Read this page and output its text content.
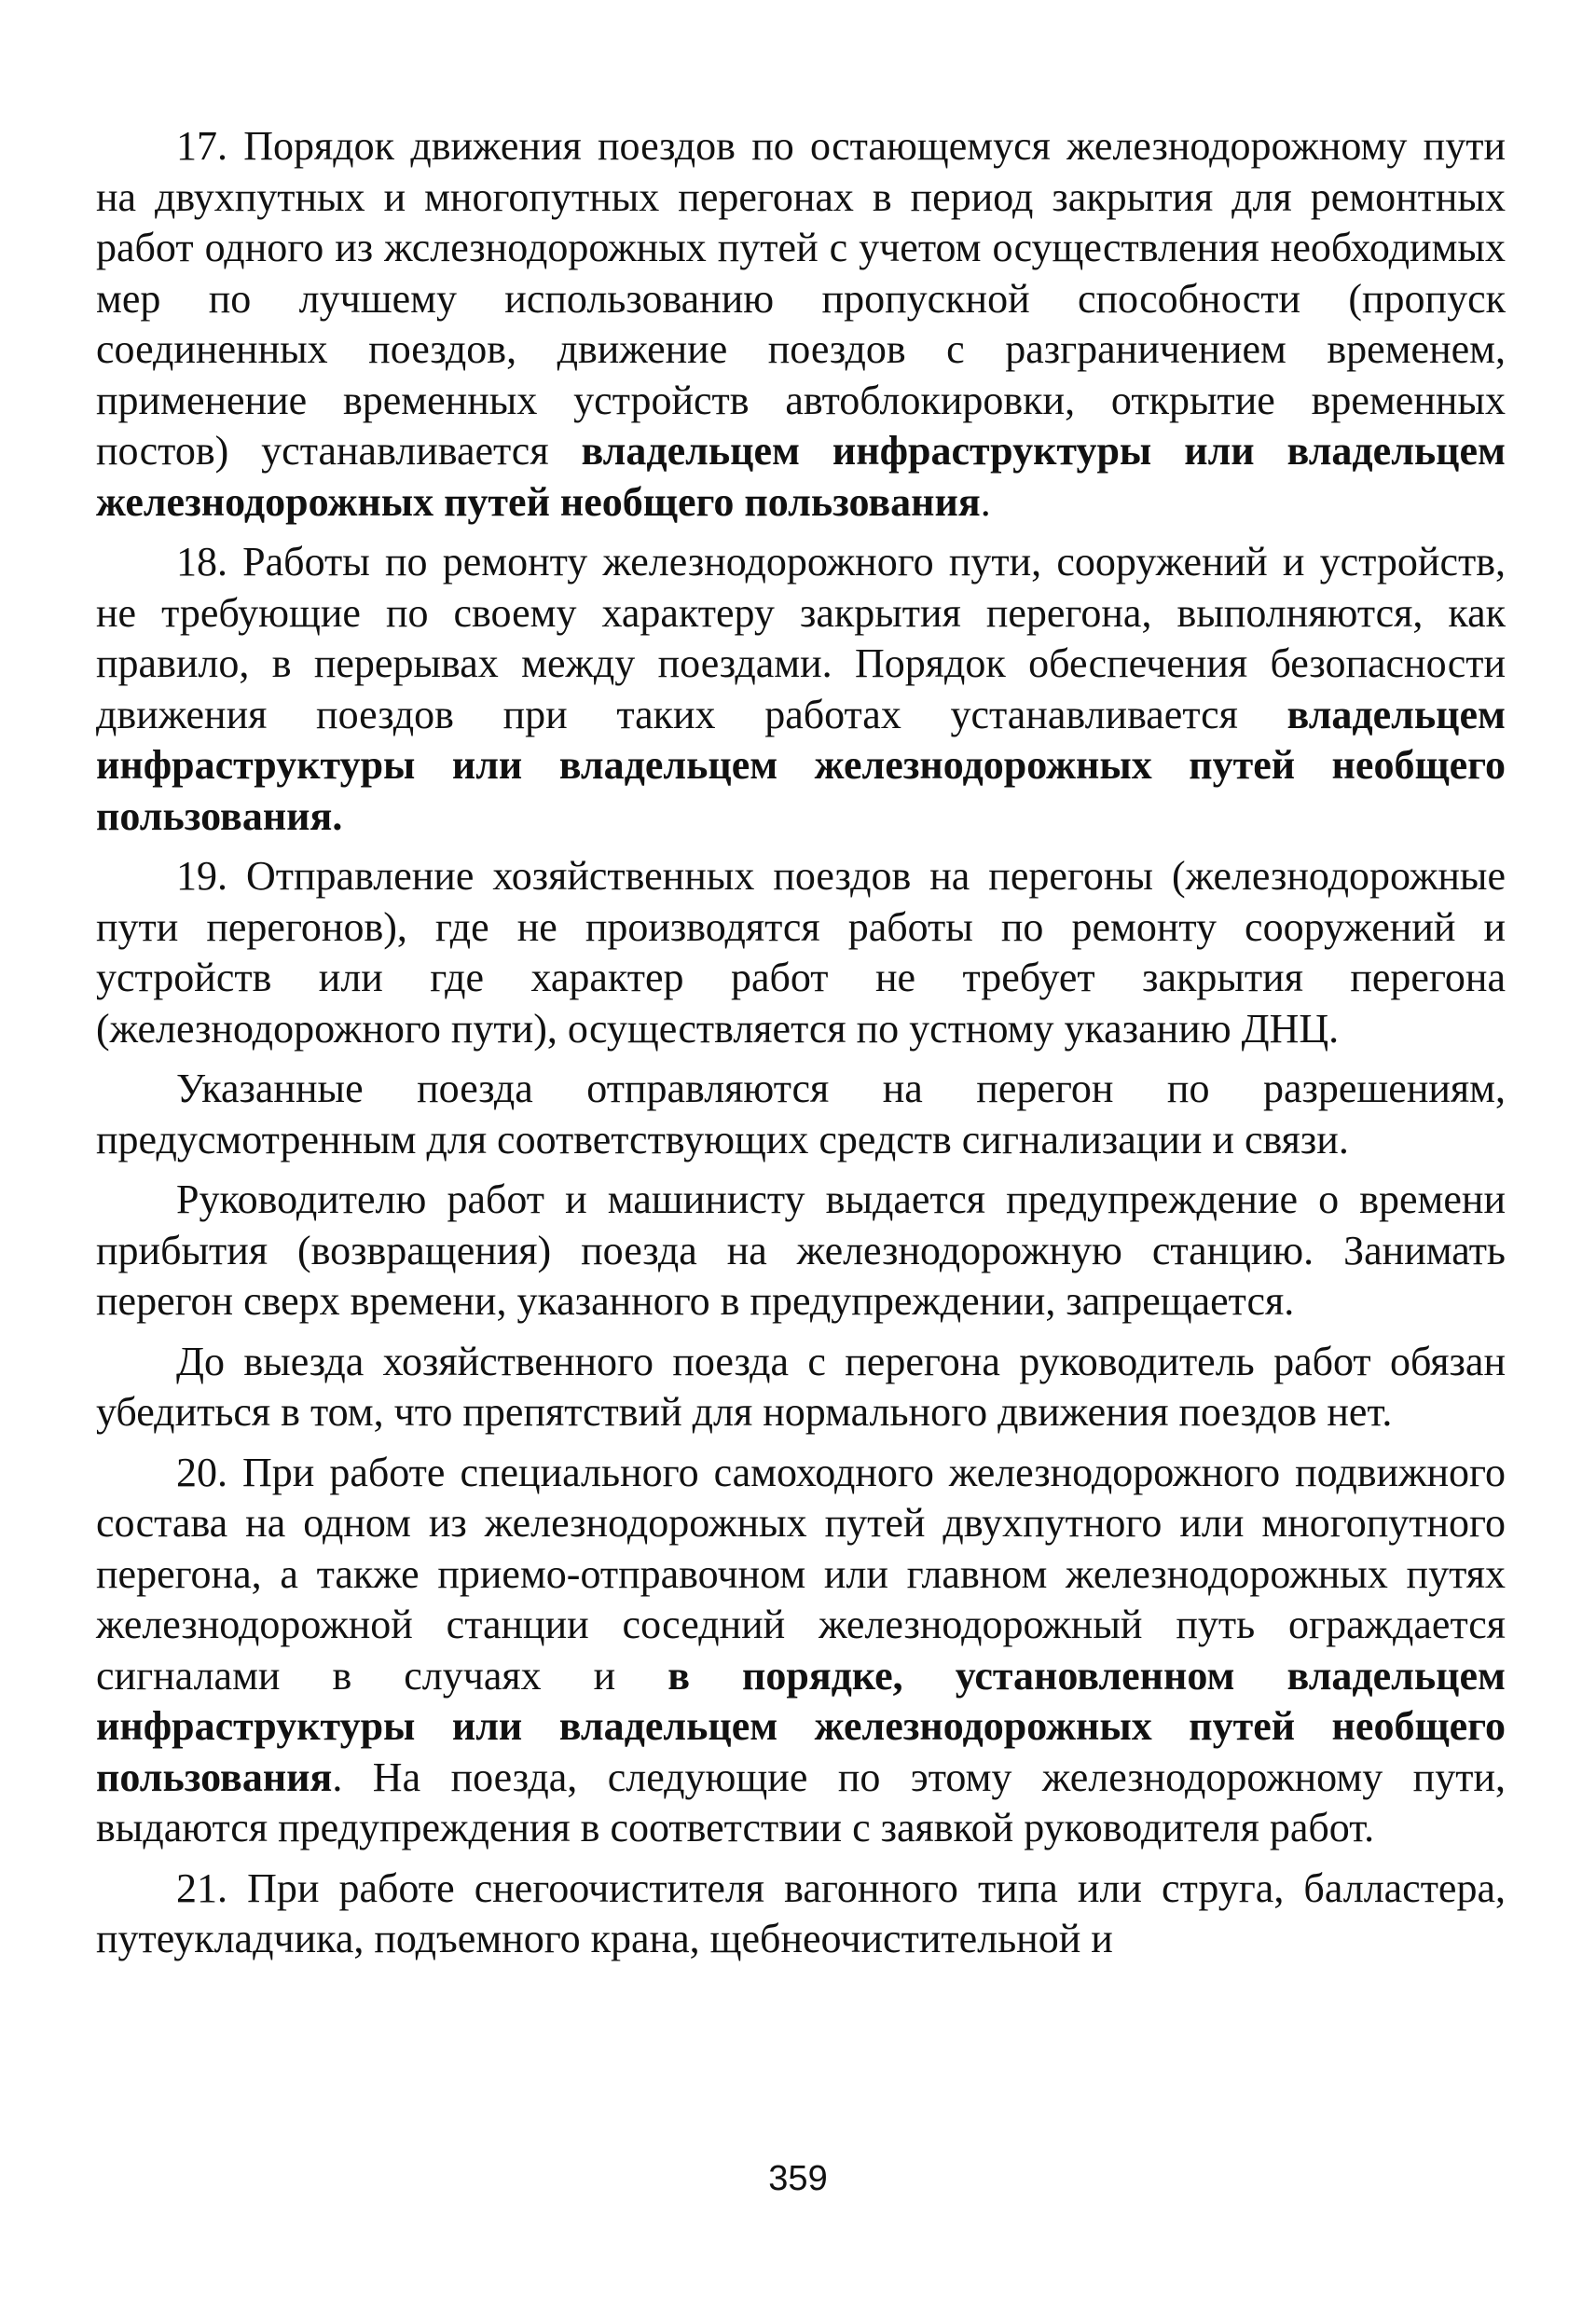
17. Порядок движения поездов по остающемуся железнодорожному пути на двухпутных и многопутных перегонах в период закрытия для ремонтных работ одного из жслезнодорожных путей с учетом осуществления необходимых мер по лучшему использованию пропускной способности (пропуск соединенных поездов, движение поездов с разграничением временем, применение временных устройств автоблокировки, открытие временных постов) устанавливается владельцем инфраструктуры или владельцем железнодорожных путей необщего пользования.

18. Работы по ремонту железнодорожного пути, сооружений и устройств, не требующие по своему характеру закрытия перегона, выполняются, как правило, в перерывах между поездами. Порядок обеспечения безопасности движения поездов при таких работах устанавливается владельцем инфраструктуры или владельцем железнодорожных путей необщего пользования.

19. Отправление хозяйственных поездов на перегоны (железнодорожные пути перегонов), где не производятся работы по ремонту сооружений и устройств или где характер работ не требует закрытия перегона (железнодорожного пути), осуществляется по устному указанию ДНЦ.

Указанные поезда отправляются на перегон по разрешениям, предусмотренным для соответствующих средств сигнализации и связи.

Руководителю работ и машинисту выдается предупреждение о времени прибытия (возвращения) поезда на железнодорожную станцию. Занимать перегон сверх времени, указанного в предупреждении, запрещается.

До выезда хозяйственного поезда с перегона руководитель работ обязан убедиться в том, что препятствий для нормального движения поездов нет.

20. При работе специального самоходного железнодорожного подвижного состава на одном из железнодорожных путей двухпутного или многопутного перегона, а также приемо-отправочном или главном железнодорожных путях железнодорожной станции соседний железнодорожный путь ограждается сигналами в случаях и в порядке, установленном владельцем инфраструктуры или владельцем железнодорожных путей необщего пользования. На поезда, следующие по этому железнодорожному пути, выдаются предупреждения в соответствии с заявкой руководителя работ.

21. При работе снегоочистителя вагонного типа или струга, балластера, путеукладчика, подъемного крана, щебнеочистительной и

359
